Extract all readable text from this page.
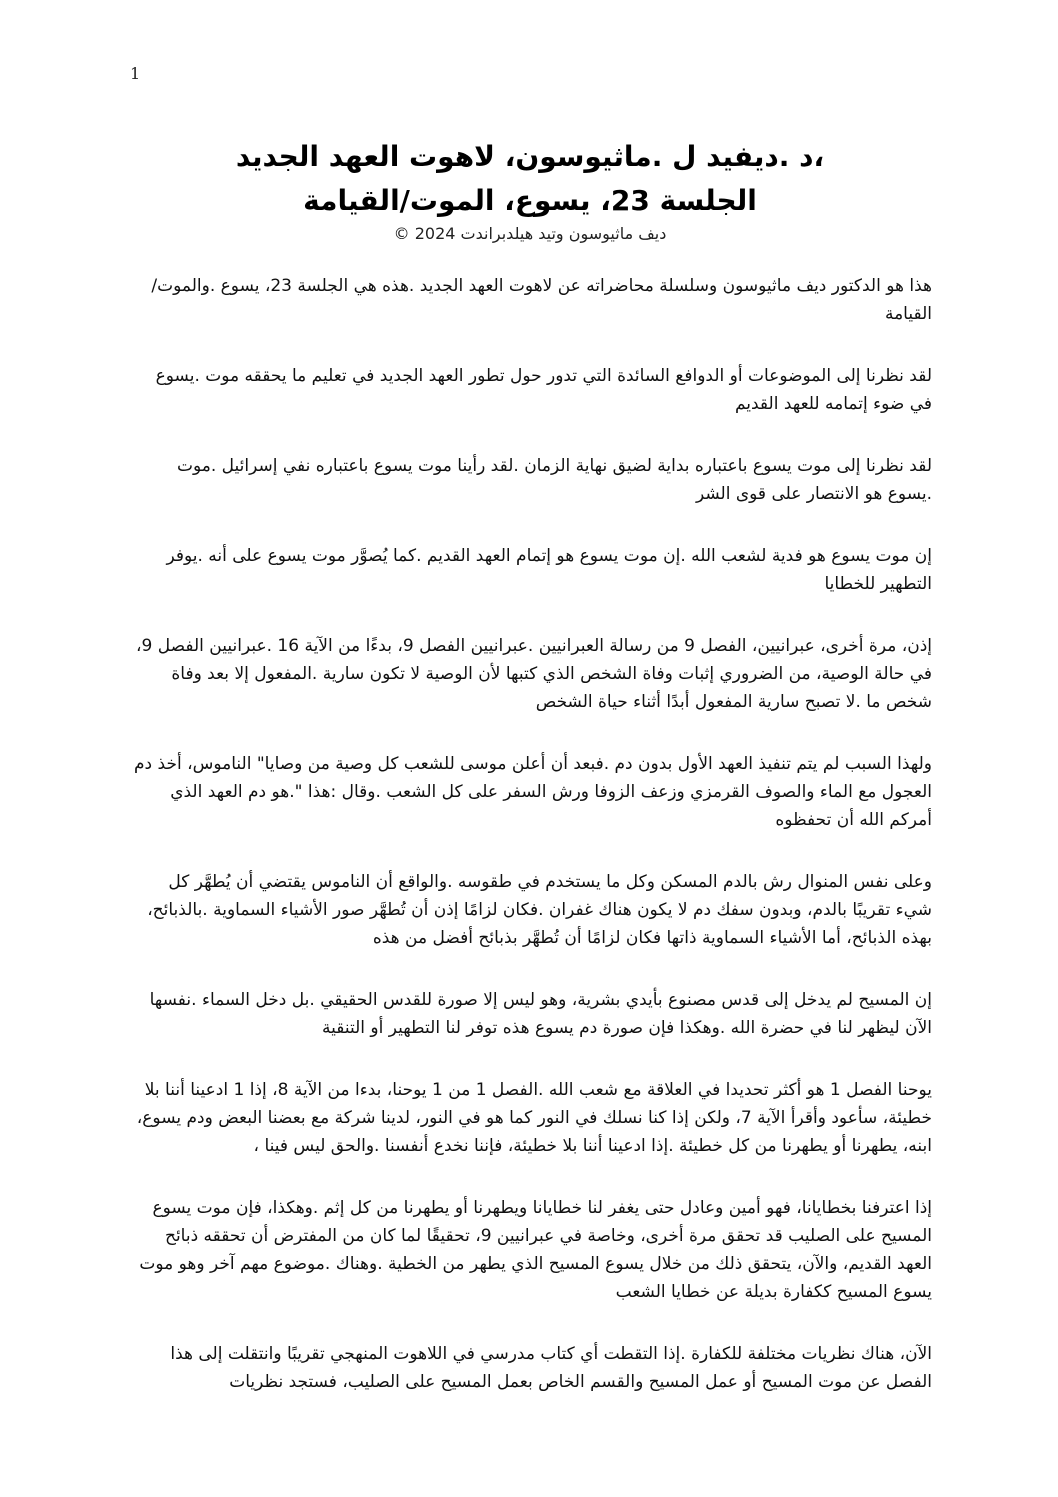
1
،د .ديفيد ل .ماثيوسون، لاهوت العهد الجديد
الجلسة 23، يسوع، الموت/القيامة
ديف ماثيوسون وتيد هيلدبراندت 2024 ©

هذا هو الدكتور ديف ماثيوسون وسلسلة محاضراته عن لاهوت العهد الجديد .هذه هي الجلسة 23، يسوع .والموت/القيامة

لقد نظرنا إلى الموضوعات أو الدوافع السائدة التي تدور حول تطور العهد الجديد في تعليم ما يحققه موت .يسوع في ضوء إتمامه للعهد القديم

لقد نظرنا إلى موت يسوع باعتباره بداية لضيق نهاية الزمان .لقد رأينا موت يسوع باعتباره نفي إسرائيل .موت .يسوع هو الانتصار على قوى الشر

إن موت يسوع هو فدية لشعب الله .إن موت يسوع هو إتمام العهد القديم .كما يُصوَّر موت يسوع على أنه .يوفر التطهير للخطايا

إذن، مرة أخرى، عبرانيين، الفصل 9 من رسالة العبرانيين .عبرانيين الفصل 9، بدءًا من الآية 16 .عبرانيين الفصل 9، في حالة الوصية، من الضروري إثبات وفاة الشخص الذي كتبها لأن الوصية لا تكون سارية .المفعول إلا بعد وفاة شخص ما .لا تصبح سارية المفعول أبدًا أثناء حياة الشخص

ولهذا السبب لم يتم تنفيذ العهد الأول بدون دم .فبعد أن أعلن موسى للشعب كل وصية من وصايا" الناموس، أخذ دم العجول مع الماء والصوف القرمزي وزعف الزوفا ورش السفر على كل الشعب .وقال :هذا ".هو دم العهد الذي أمركم الله أن تحفظوه

وعلى نفس المنوال رش بالدم المسكن وكل ما يستخدم في طقوسه .والواقع أن الناموس يقتضي أن يُطهَّر كل شيء تقريبًا بالدم، وبدون سفك دم لا يكون هناك غفران .فكان لزامًا إذن أن تُطهَّر صور الأشياء السماوية .بالذبائح، بهذه الذبائح، أما الأشياء السماوية ذاتها فكان لزامًا أن تُطهَّر بذبائح أفضل من هذه

إن المسيح لم يدخل إلى قدس مصنوع بأيدي بشرية، وهو ليس إلا صورة للقدس الحقيقي .بل دخل السماء .نفسها الآن ليظهر لنا في حضرة الله .وهكذا فإن صورة دم يسوع هذه توفر لنا التطهير أو التنقية

يوحنا الفصل 1 هو أكثر تحديدا في العلاقة مع شعب الله .الفصل 1 من 1 يوحنا، بدءا من الآية 8، إذا 1 ادعينا أننا بلا خطيئة، سأعود وأقرأ الآية 7، ولكن إذا كنا نسلك في النور كما هو في النور، لدينا شركة مع بعضنا البعض ودم يسوع، ابنه، يطهرنا أو يطهرنا من كل خطيئة .إذا ادعينا أننا بلا خطيئة، فإننا نخدع أنفسنا .والحق ليس فينا ،

إذا اعترفنا بخطايانا، فهو أمين وعادل حتى يغفر لنا خطايانا ويطهرنا أو يطهرنا من كل إثم .وهكذا، فإن موت يسوع المسيح على الصليب قد تحقق مرة أخرى، وخاصة في عبرانيين 9، تحقيقًا لما كان من المفترض أن تحققه ذبائح العهد القديم، والآن، يتحقق ذلك من خلال يسوع المسيح الذي يطهر من الخطية .وهناك .موضوع مهم آخر وهو موت يسوع المسيح ككفارة بديلة عن خطايا الشعب

الآن، هناك نظريات مختلفة للكفارة .إذا التقطت أي كتاب مدرسي في اللاهوت المنهجي تقريبًا وانتقلت إلى هذا الفصل عن موت المسيح أو عمل المسيح والقسم الخاص بعمل المسيح على الصليب، فستجد نظريات
